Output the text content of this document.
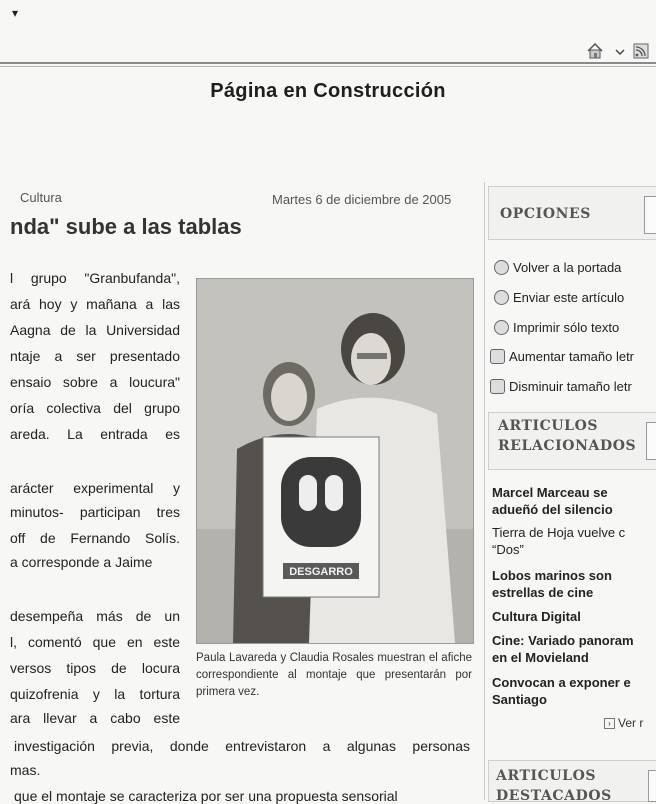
▾
Página en Construcción
Cultura	Martes 6 de diciembre de 2005
nda" sube a las tablas
l grupo "Granbufanda",
ará hoy y mañana a las
Aagna de la Universidad
ntaje a ser presentado
ensaio sobre a loucura"
oría colectiva del grupo
areda. La entrada es
arácter experimental y
minutos- participan tres
off de Fernando Solís.
a corresponde a Jaime
desempeña más de un
l, comentó que en este
versos tipos de locura
quizofrenia y la tortura
ara llevar a cabo este
investigación previa, donde entrevistaron a algunas personas
mas.
que el montaje se caracteriza por ser una propuesta sensorial
DESGARRO
Paula Lavareda y Claudia Rosales muestran el afiche correspondiente al montaje que presentarán por primera vez.
OPCIONES
Volver a la portada
Enviar este artículo
Imprimir sólo texto
Aumentar tamaño letr
Disminuir tamaño letr
ARTICULOS
RELACIONADOS
Marcel Marceau se
adueñó del silencio
Tierra de Hoja vuelve c
“Dos”
Lobos marinos son
estrellas de cine
Cultura Digital
Cine: Variado panoram
en el Movieland
Convocan a exponer e
Santiago
› Ver r
ARTICULOS
DESTACADOS
